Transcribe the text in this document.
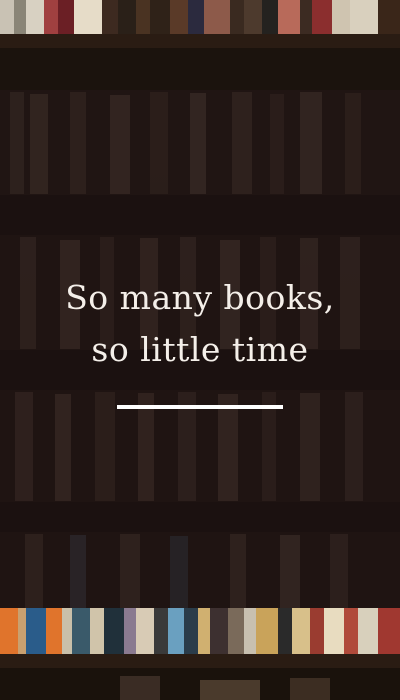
So many books,
so little time
